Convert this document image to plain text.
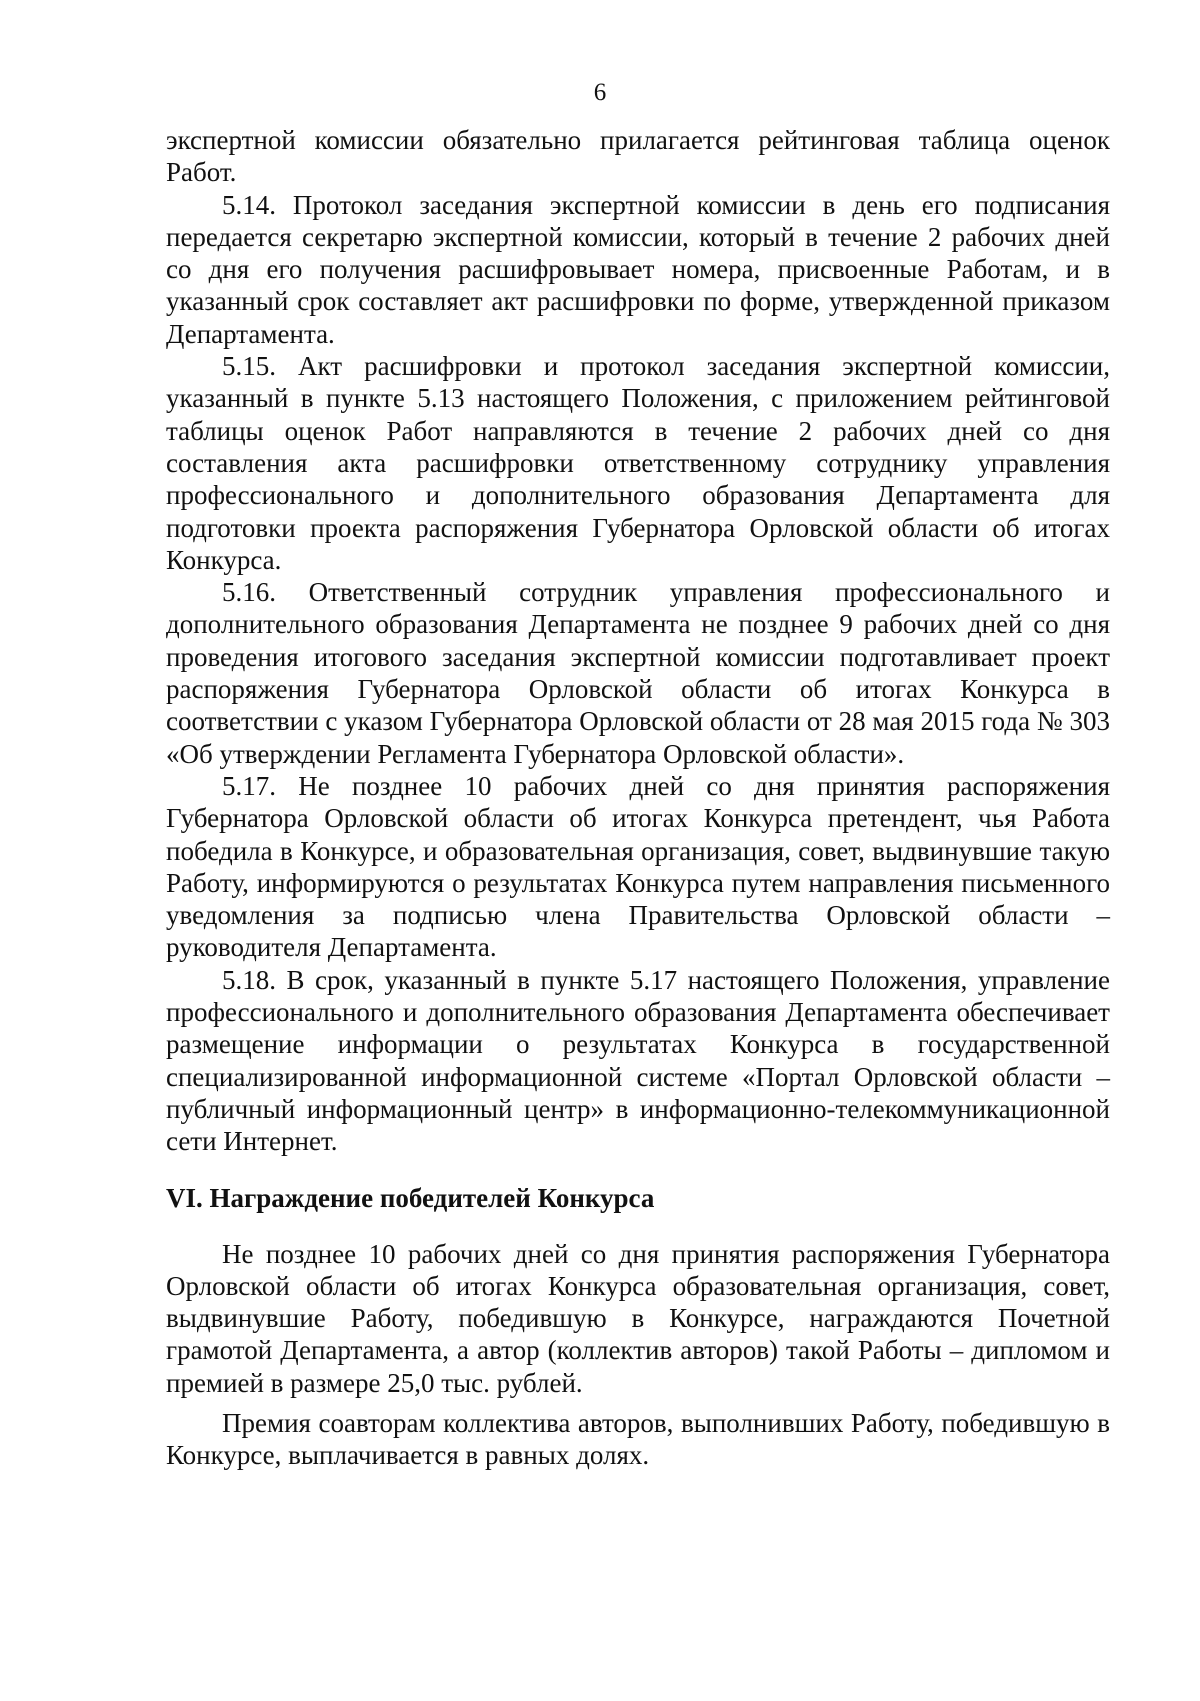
6

экспертной комиссии обязательно прилагается рейтинговая таблица оценок Работ.

5.14. Протокол заседания экспертной комиссии в день его подписания передается секретарю экспертной комиссии, который в течение 2 рабочих дней со дня его получения расшифровывает номера, присвоенные Работам, и в указанный срок составляет акт расшифровки по форме, утвержденной приказом Департамента.

5.15. Акт расшифровки и протокол заседания экспертной комиссии, указанный в пункте 5.13 настоящего Положения, с приложением рейтинговой таблицы оценок Работ направляются в течение 2 рабочих дней со дня составления акта расшифровки ответственному сотруднику управления профессионального и дополнительного образования Департамента для подготовки проекта распоряжения Губернатора Орловской области об итогах Конкурса.

5.16. Ответственный сотрудник управления профессионального и дополнительного образования Департамента не позднее 9 рабочих дней со дня проведения итогового заседания экспертной комиссии подготавливает проект распоряжения Губернатора Орловской области об итогах Конкурса в соответствии с указом Губернатора Орловской области от 28 мая 2015 года № 303 «Об утверждении Регламента Губернатора Орловской области».

5.17. Не позднее 10 рабочих дней со дня принятия распоряжения Губернатора Орловской области об итогах Конкурса претендент, чья Работа победила в Конкурсе, и образовательная организация, совет, выдвинувшие такую Работу, информируются о результатах Конкурса путем направления письменного уведомления за подписью члена Правительства Орловской области – руководителя Департамента.

5.18. В срок, указанный в пункте 5.17 настоящего Положения, управление профессионального и дополнительного образования Департамента обеспечивает размещение информации о результатах Конкурса в государственной специализированной информационной системе «Портал Орловской области – публичный информационный центр» в информационно-телекоммуникационной сети Интернет.

VI. Награждение победителей Конкурса

Не позднее 10 рабочих дней со дня принятия распоряжения Губернатора Орловской области об итогах Конкурса образовательная организация, совет, выдвинувшие Работу, победившую в Конкурсе, награждаются Почетной грамотой Департамента, а автор (коллектив авторов) такой Работы – дипломом и премией в размере 25,0 тыс. рублей.

Премия соавторам коллектива авторов, выполнивших Работу, победившую в Конкурсе, выплачивается в равных долях.
